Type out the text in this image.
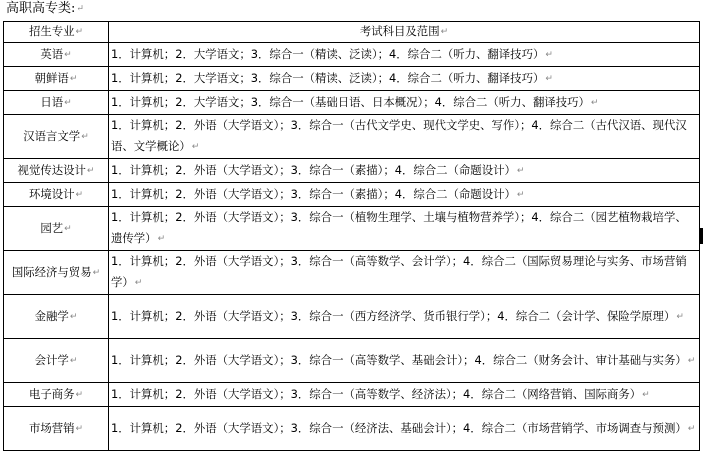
高职高专类:↵
招生专业↵	考试科目及范围↵
英语↵	1．计算机；2．大学语文；3．综合一（精读、泛读）；4．综合二（听力、翻译技巧）↵
朝鲜语↵	1．计算机；2．大学语文；3．综合一（精读、泛读）；4．综合二（听力、翻译技巧）↵
日语↵	1．计算机；2．大学语文；3．综合一（基础日语、日本概况）；4．综合二（听力、翻译技巧）↵
汉语言文学↵	1．计算机；2．外语（大学语文）；3．综合一（古代文学史、现代文学史、写作）；4．综合二（古代汉语、现代汉语、文学概论）↵
视觉传达设计↵	1．计算机；2．外语（大学语文）；3．综合一（素描）；4．综合二（命题设计）↵
环境设计↵	1．计算机；2．外语（大学语文）；3．综合一（素描）；4．综合二（命题设计）↵
园艺↵	1．计算机；2．外语（大学语文）；3．综合一（植物生理学、土壤与植物营养学）；4．综合二（园艺植物栽培学、遗传学）↵
国际经济与贸易↵	1．计算机；2．外语（大学语文）；3．综合一（高等数学、会计学）；4．综合二（国际贸易理论与实务、市场营销学）↵
金融学↵	1．计算机；2．外语（大学语文）；3．综合一（西方经济学、货币银行学）；4．综合二（会计学、保险学原理）↵
会计学↵	1．计算机；2．外语（大学语文）；3．综合一（高等数学、基础会计）；4．综合二（财务会计、审计基础与实务）↵
电子商务↵	1．计算机；2．外语（大学语文）；3．综合一（高等数学、经济法）；4．综合二（网络营销、国际商务）↵
市场营销↵	1．计算机；2．外语（大学语文）；3．综合一（经济法、基础会计）；4．综合二（市场营销学、市场调查与预测）↵
